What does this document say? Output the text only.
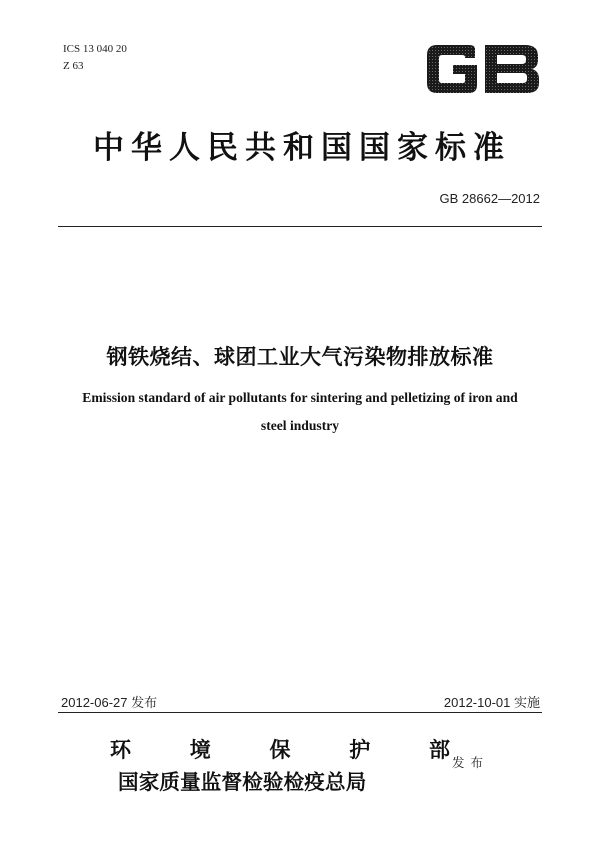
ICS 13 040 20
Z 63
中华人民共和国国家标准
GB 28662—2012
钢铁烧结、球团工业大气污染物排放标准
Emission standard of air pollutants for sintering and pelletizing of iron and
steel industry
2012-06-27 发布	2012-10-01 实施
环	境	保	护	部
国家质量监督检验检疫总局
发布
